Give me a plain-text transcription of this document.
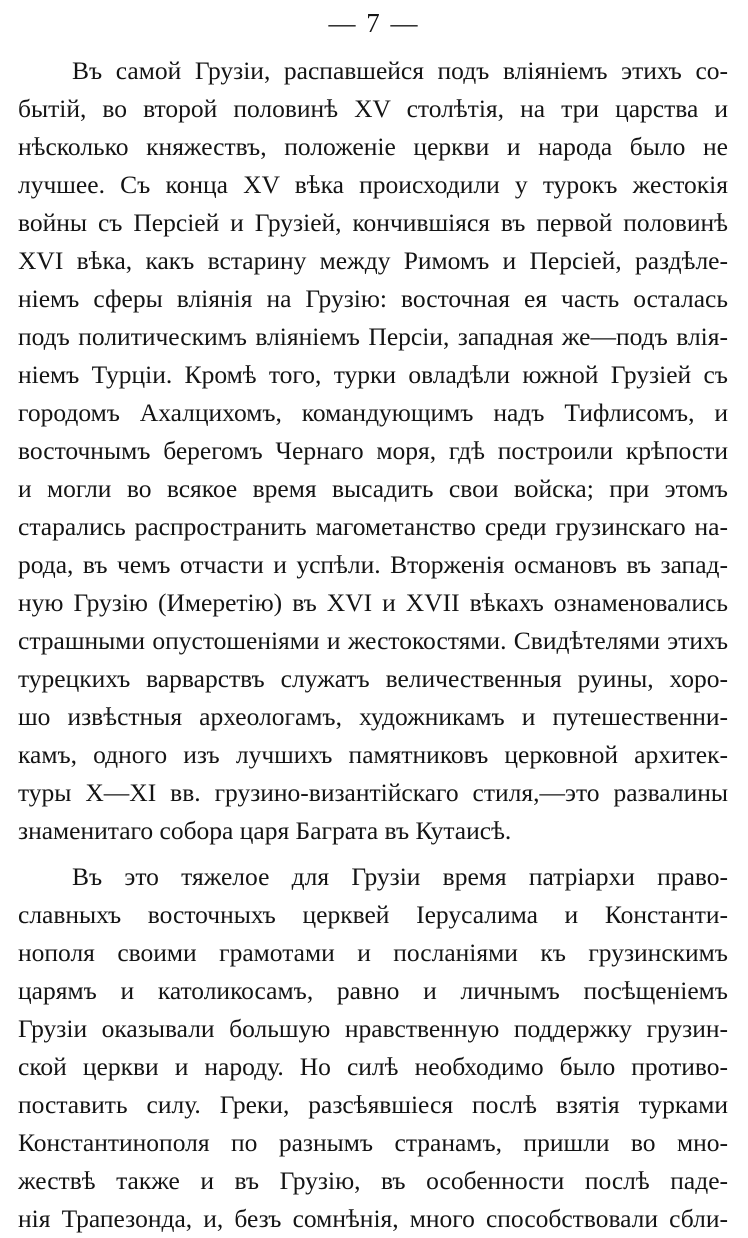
— 7 —
Въ самой Грузіи, распавшейся подъ вліяніемъ этихъ со-
бытій, во второй половинѣ XV столѣтія, на три царства и
нѣсколько княжествъ, положеніе церкви и народа было не
лучшее. Съ конца XV вѣка происходили у турокъ жестокія
войны съ Персіей и Грузіей, кончившіяся въ первой половинѣ
XVI вѣка, какъ встарину между Римомъ и Персіей, раздѣле-
ніемъ сферы вліянія на Грузію: восточная ея часть осталась
подъ политическимъ вліяніемъ Персіи, западная же—подъ влія-
ніемъ Турціи. Кромѣ того, турки овладѣли южной Грузіей съ
городомъ Ахалцихомъ, командующимъ надъ Тифлисомъ, и
восточнымъ берегомъ Чернаго моря, гдѣ построили крѣпости
и могли во всякое время высадить свои войска; при этомъ
старались распространить магометанство среди грузинскаго на-
рода, въ чемъ отчасти и успѣли. Вторженія османовъ въ запад-
ную Грузію (Имеретію) въ XVI и XVII вѣкахъ ознаменовались
страшными опустошеніями и жестокостями. Свидѣтелями этихъ
турецкихъ варварствъ служатъ величественныя руины, хоро-
шо извѣстныя археологамъ, художникамъ и путешественни-
камъ, одного изъ лучшихъ памятниковъ церковной архитек-
туры X—XI вв. грузино-византійскаго стиля,—это развалины
знаменитаго собора царя Баграта въ Кутаисѣ.
Въ это тяжелое для Грузіи время патріархи право-
славныхъ восточныхъ церквей Іерусалима и Константи-
нополя своими грамотами и посланіями къ грузинскимъ
царямъ и католикосамъ, равно и личнымъ посѣщеніемъ
Грузіи оказывали большую нравственную поддержку грузин-
ской церкви и народу. Но силѣ необходимо было противо-
поставить силу. Греки, разсѣявшіеся послѣ взятія турками
Константинополя по разнымъ странамъ, пришли во мно-
жествѣ также и въ Грузію, въ особенности послѣ паде-
нія Трапезонда, и, безъ сомнѣнія, много способствовали сбли-
